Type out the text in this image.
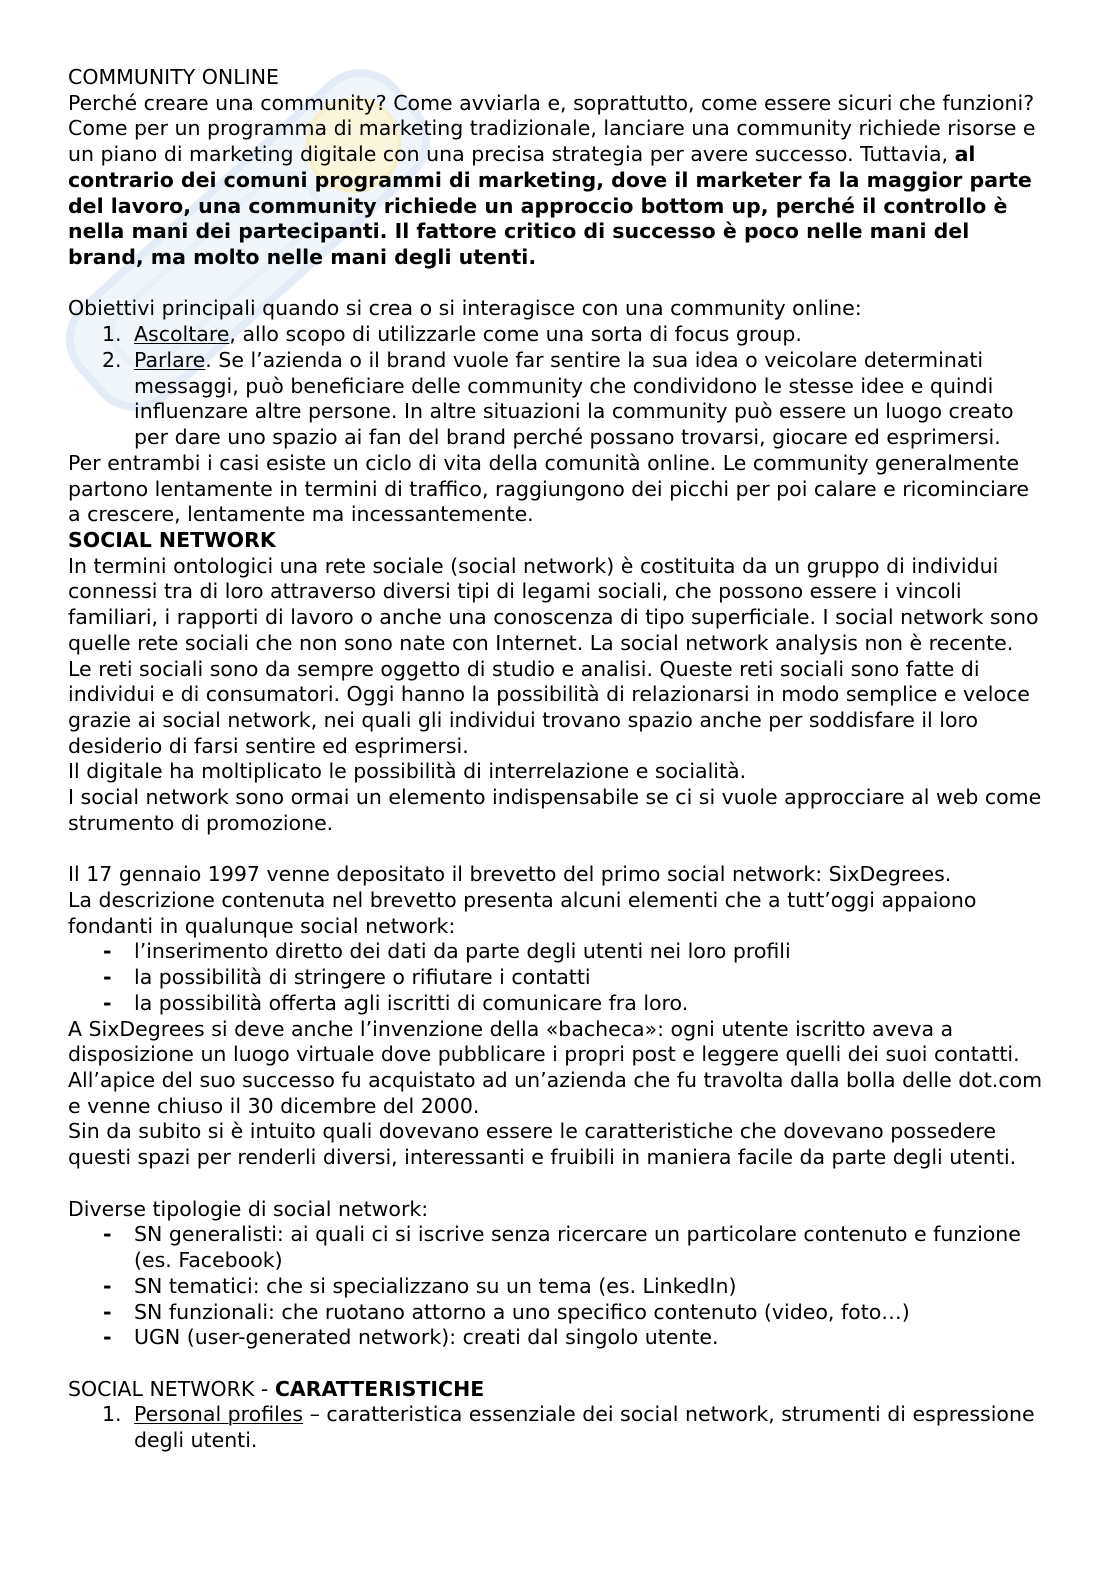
COMMUNITY ONLINE
Perché creare una community? Come avviarla e, soprattutto, come essere sicuri che funzioni?
Come per un programma di marketing tradizionale, lanciare una community richiede risorse e
un piano di marketing digitale con una precisa strategia per avere successo. Tuttavia, al
contrario dei comuni programmi di marketing, dove il marketer fa la maggior parte
del lavoro, una community richiede un approccio bottom up, perché il controllo è
nella mani dei partecipanti. Il fattore critico di successo è poco nelle mani del
brand, ma molto nelle mani degli utenti.
Obiettivi principali quando si crea o si interagisce con una community online:
1. Ascoltare, allo scopo di utilizzarle come una sorta di focus group.
2. Parlare. Se l’azienda o il brand vuole far sentire la sua idea o veicolare determinati
messaggi, può beneficiare delle community che condividono le stesse idee e quindi
influenzare altre persone. In altre situazioni la community può essere un luogo creato
per dare uno spazio ai fan del brand perché possano trovarsi, giocare ed esprimersi.
Per entrambi i casi esiste un ciclo di vita della comunità online. Le community generalmente
partono lentamente in termini di traffico, raggiungono dei picchi per poi calare e ricominciare
a crescere, lentamente ma incessantemente.
SOCIAL NETWORK
In termini ontologici una rete sociale (social network) è costituita da un gruppo di individui
connessi tra di loro attraverso diversi tipi di legami sociali, che possono essere i vincoli
familiari, i rapporti di lavoro o anche una conoscenza di tipo superficiale. I social network sono
quelle rete sociali che non sono nate con Internet. La social network analysis non è recente.
Le reti sociali sono da sempre oggetto di studio e analisi. Queste reti sociali sono fatte di
individui e di consumatori. Oggi hanno la possibilità di relazionarsi in modo semplice e veloce
grazie ai social network, nei quali gli individui trovano spazio anche per soddisfare il loro
desiderio di farsi sentire ed esprimersi.
Il digitale ha moltiplicato le possibilità di interrelazione e socialità.
I social network sono ormai un elemento indispensabile se ci si vuole approcciare al web come
strumento di promozione.
Il 17 gennaio 1997 venne depositato il brevetto del primo social network: SixDegrees.
La descrizione contenuta nel brevetto presenta alcuni elementi che a tutt’oggi appaiono
fondanti in qualunque social network:
- l’inserimento diretto dei dati da parte degli utenti nei loro profili
- la possibilità di stringere o rifiutare i contatti
- la possibilità offerta agli iscritti di comunicare fra loro.
A SixDegrees si deve anche l’invenzione della «bacheca»: ogni utente iscritto aveva a
disposizione un luogo virtuale dove pubblicare i propri post e leggere quelli dei suoi contatti.
All’apice del suo successo fu acquistato ad un’azienda che fu travolta dalla bolla delle dot.com
e venne chiuso il 30 dicembre del 2000.
Sin da subito si è intuito quali dovevano essere le caratteristiche che dovevano possedere
questi spazi per renderli diversi, interessanti e fruibili in maniera facile da parte degli utenti.
Diverse tipologie di social network:
- SN generalisti: ai quali ci si iscrive senza ricercare un particolare contenuto e funzione
(es. Facebook)
- SN tematici: che si specializzano su un tema (es. LinkedIn)
- SN funzionali: che ruotano attorno a uno specifico contenuto (video, foto…)
- UGN (user-generated network): creati dal singolo utente.
SOCIAL NETWORK - CARATTERISTICHE
1. Personal profiles – caratteristica essenziale dei social network, strumenti di espressione
degli utenti.
